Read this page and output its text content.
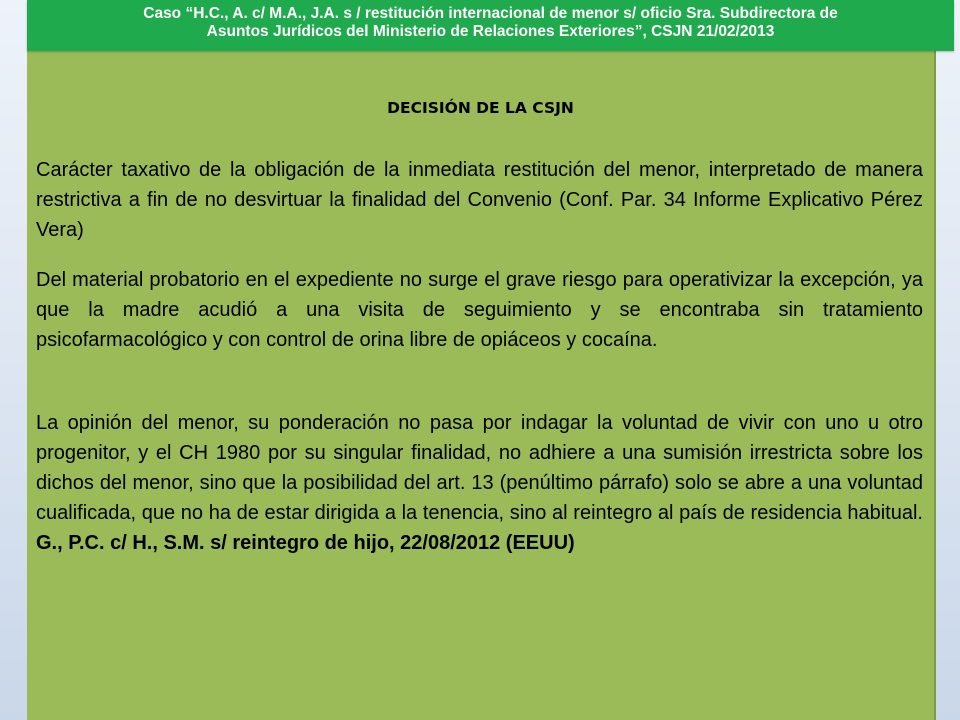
Caso “H.C., A. c/ M.A., J.A. s / restitución internacional de menor s/ oficio Sra. Subdirectora de
Asuntos Jurídicos del Ministerio de Relaciones Exteriores”, CSJN 21/02/2013
DECISIÓN DE LA CSJN

Carácter taxativo de la obligación de la inmediata restitución del menor, interpretado de manera restrictiva a fin de no desvirtuar la finalidad del Convenio (Conf. Par. 34 Informe Explicativo Pérez Vera)

Del material probatorio en el expediente no surge el grave riesgo para operativizar la excepción, ya que la madre acudió a una visita de seguimiento y se encontraba sin tratamiento psicofarmacológico y con control de orina libre de opiáceos y cocaína.

La opinión del menor, su ponderación no pasa por indagar la voluntad de vivir con uno u otro progenitor, y el CH 1980 por su singular finalidad, no adhiere a una sumisión irrestricta sobre los dichos del menor, sino que la posibilidad del art. 13 (penúltimo párrafo) solo se abre a una voluntad cualificada, que no ha de estar dirigida a la tenencia, sino al reintegro al país de residencia habitual. G., P.C. c/ H., S.M. s/ reintegro de hijo, 22/08/2012 (EEUU)
